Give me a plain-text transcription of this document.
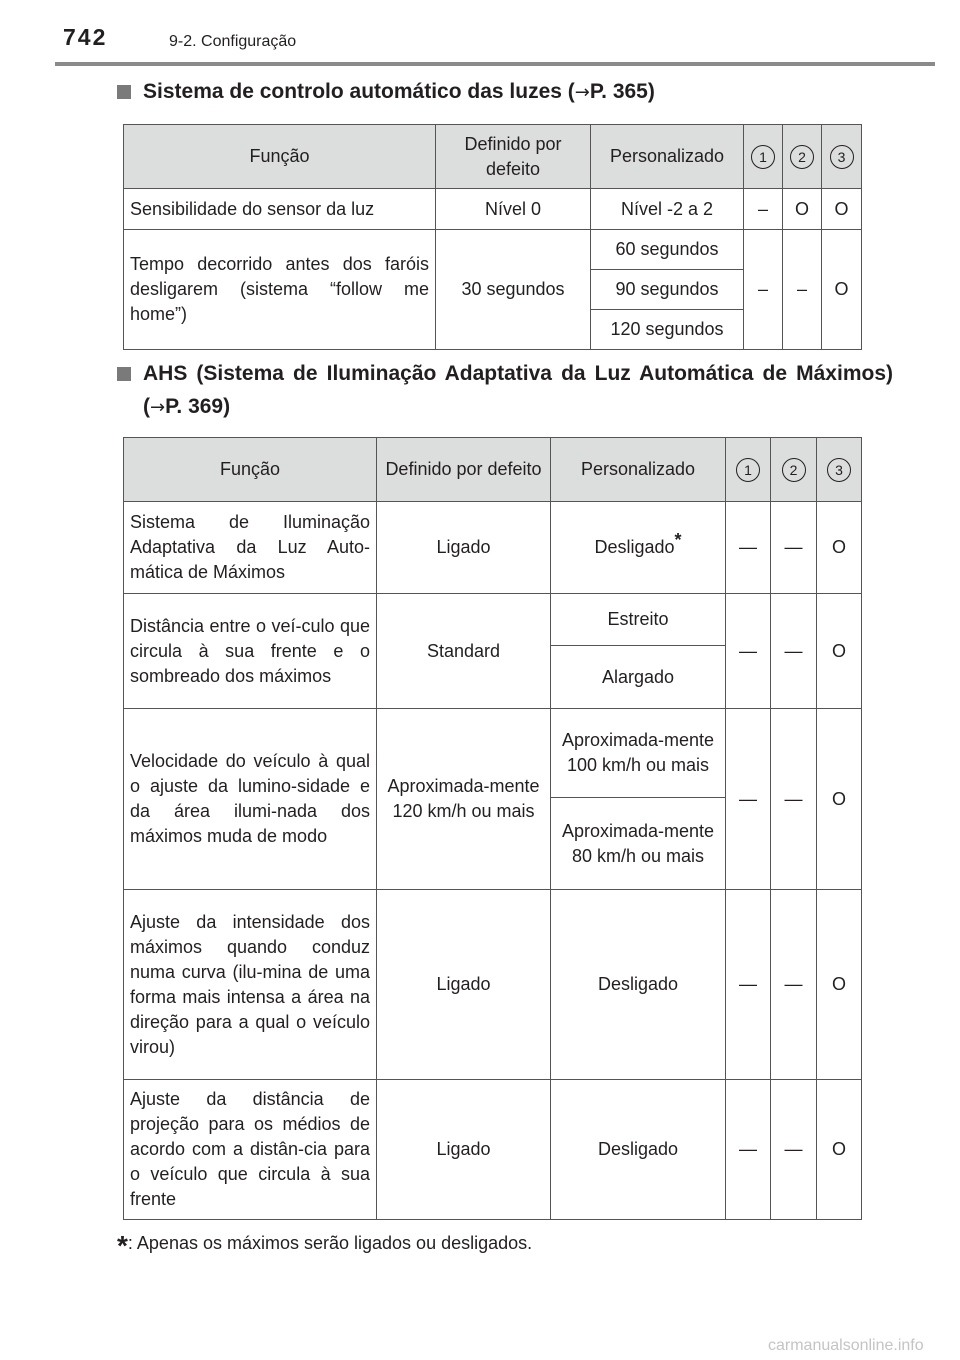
742	9-2. Configuração
Sistema de controlo automático das luzes (→P. 365)
Função	Definido por defeito	Personalizado	1	2	3
Sensibilidade do sensor da luz	Nível 0	Nível -2 a 2	–	O	O
Tempo decorrido antes dos faróis desligarem (sistema “follow me home”)	30 segundos	60 segundos	–	–	O
		90 segundos			
		120 segundos			
AHS (Sistema de Iluminação Adaptativa da Luz Automática de Máximos) (→P. 369)
Função	Definido por defeito	Personalizado	1	2	3
Sistema de Iluminação Adaptativa da Luz Auto-mática de Máximos	Ligado	Desligado*	—	—	O
Distância entre o veí-culo que circula à sua frente e o sombreado dos máximos	Standard	Estreito	—	—	O
		Alargado			
Velocidade do veículo à qual o ajuste da lumino-sidade e da área ilumi-nada dos máximos muda de modo	Aproximada-mente 120 km/h ou mais	Aproximada-mente 100 km/h ou mais	—	—	O
		Aproximada-mente 80 km/h ou mais			
Ajuste da intensidade dos máximos quando conduz numa curva (ilu-mina de uma forma mais intensa a área na direção para a qual o veículo virou)	Ligado	Desligado	—	—	O
Ajuste da distância de projeção para os médios de acordo com a distân-cia para o veículo que circula à sua frente	Ligado	Desligado	—	—	O
*: Apenas os máximos serão ligados ou desligados.
carmanualsonline.info
